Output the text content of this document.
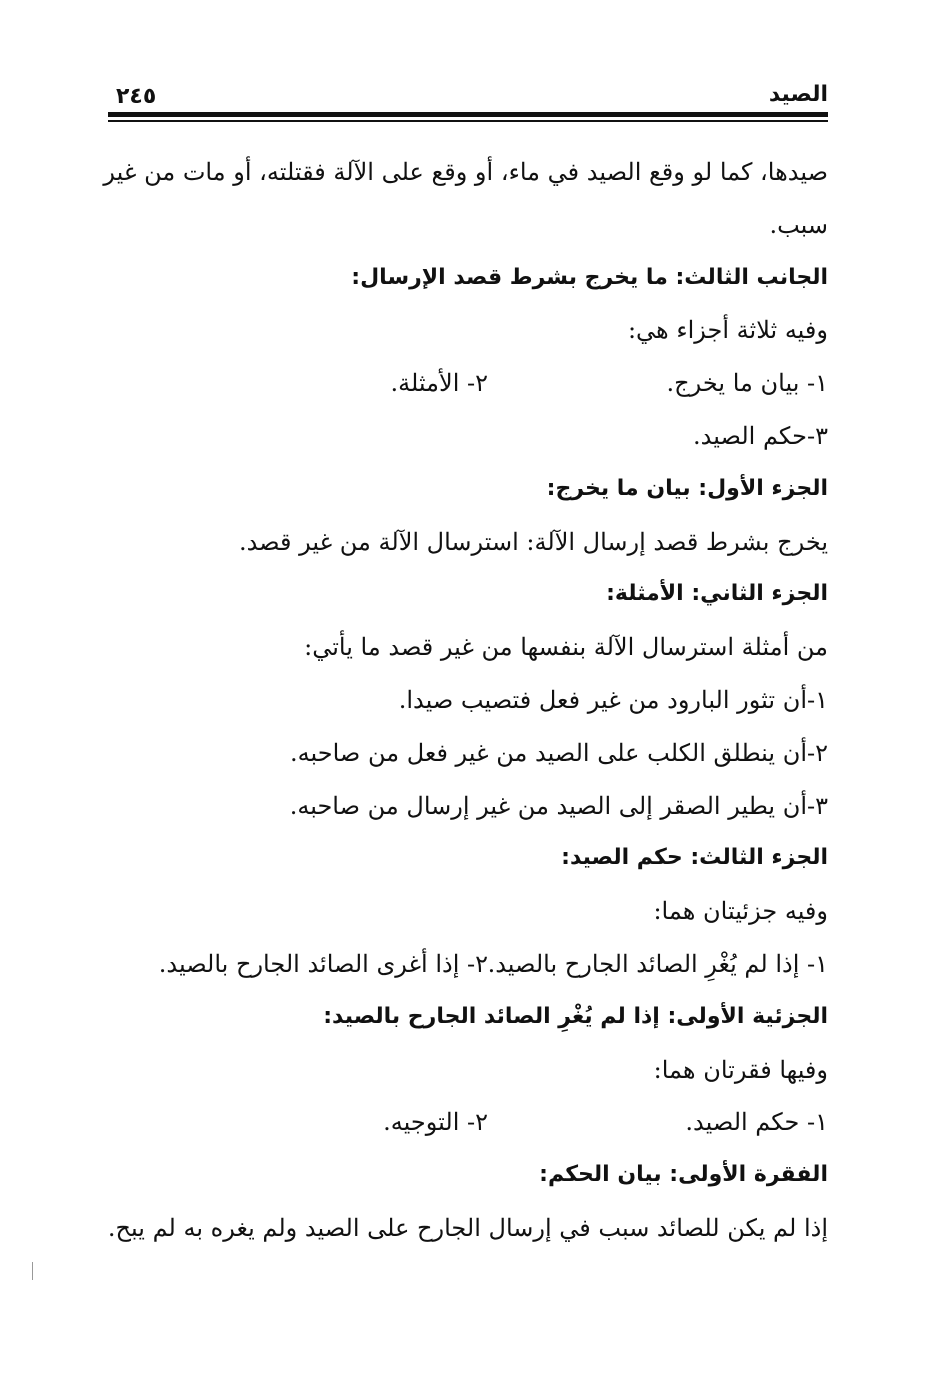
الصيد
٢٤٥
صيدها، كما لو وقع الصيد في ماء، أو وقع على الآلة فقتلته، أو مات من غير
سبب.
الجانب الثالث: ما يخرج بشرط قصد الإرسال:
وفيه ثلاثة أجزاء هي:
١- بيان ما يخرج.
٢- الأمثلة.
٣-حكم الصيد.
الجزء الأول: بيان ما يخرج:
يخرج بشرط قصد إرسال الآلة: استرسال الآلة من غير قصد.
الجزء الثاني: الأمثلة:
من أمثلة استرسال الآلة بنفسها من غير قصد ما يأتي:
١-أن تثور البارود من غير فعل فتصيب صيدا.
٢-أن ينطلق الكلب على الصيد من غير فعل من صاحبه.
٣-أن يطير الصقر إلى الصيد من غير إرسال من صاحبه.
الجزء الثالث: حكم الصيد:
وفيه جزئيتان هما:
١- إذا لم يُغْرِ الصائد الجارح بالصيد.
٢- إذا أغرى الصائد الجارح بالصيد.
الجزئية الأولى: إذا لم يُغْرِ الصائد الجارح بالصيد:
وفيها فقرتان هما:
١- حكم الصيد.
٢- التوجيه.
الفقرة الأولى: بيان الحكم:
إذا لم يكن للصائد سبب في إرسال الجارح على الصيد ولم يغره به لم يبح.
